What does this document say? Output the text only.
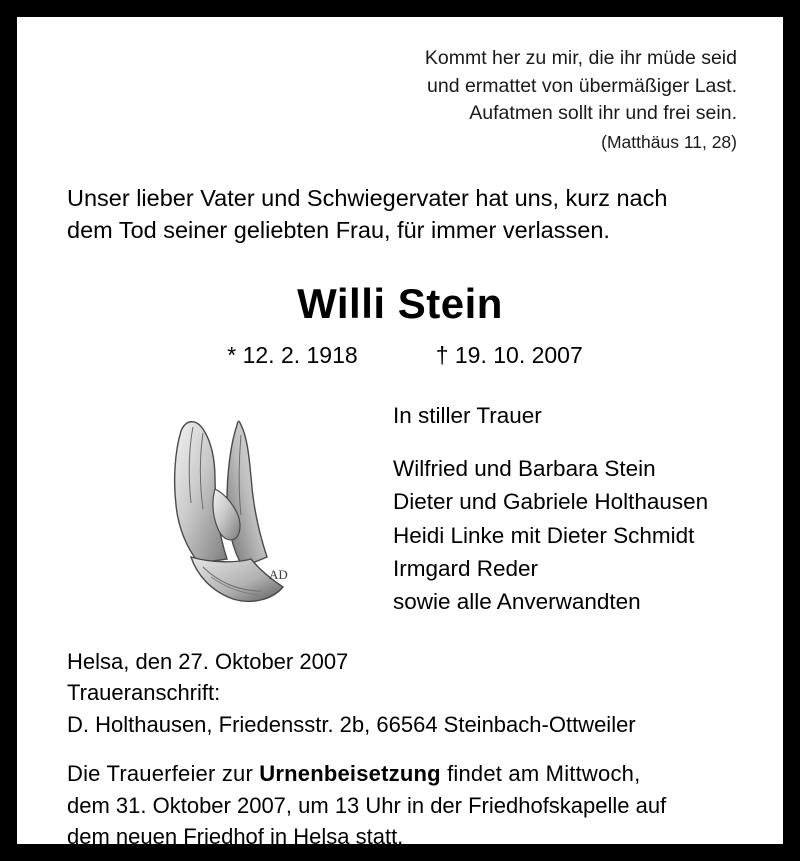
Kommt her zu mir, die ihr müde seid
und ermattet von übermäßiger Last.
Aufatmen sollt ihr und frei sein.
(Matthäus 11, 28)
Unser lieber Vater und Schwiegervater hat uns, kurz nach
dem Tod seiner geliebten Frau, für immer verlassen.
Willi Stein
* 12. 2. 1918	† 19. 10. 2007
AD
In stiller Trauer
Wilfried und Barbara Stein
Dieter und Gabriele Holthausen
Heidi Linke mit Dieter Schmidt
Irmgard Reder
sowie alle Anverwandten
Helsa, den 27. Oktober 2007
Traueranschrift:
D. Holthausen, Friedensstr. 2b, 66564 Steinbach-Ottweiler
Die Trauerfeier zur Urnenbeisetzung findet am Mittwoch,
dem 31. Oktober 2007, um 13 Uhr in der Friedhofskapelle auf
dem neuen Friedhof in Helsa statt.
